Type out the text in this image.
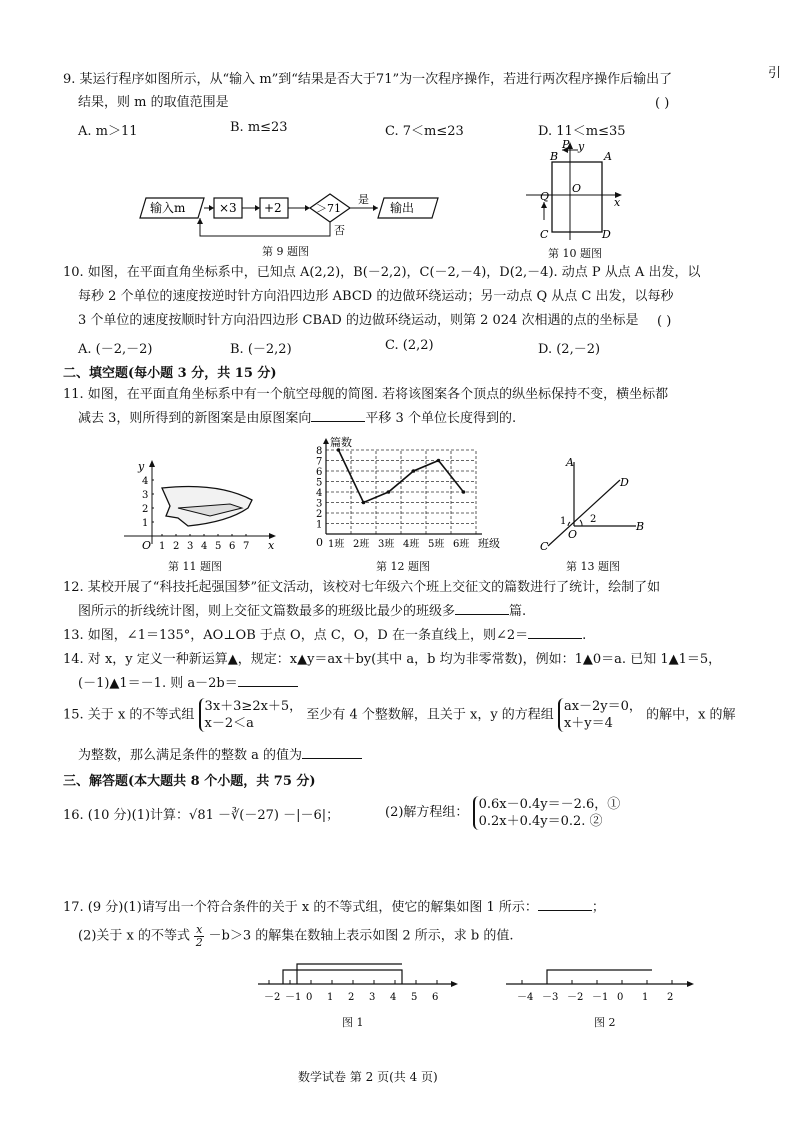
引
9. 某运行程序如图所示，从“输入 m”到“结果是否大于71”为一次程序操作，若进行两次程序操作后输出了
结果，则 m 的取值范围是	( )
A. m＞11	B. m≤23	C. 7＜m≤23	D. 11＜m≤35
输入m	×3 +2	＞71
是
输出
否
第 9 题图
B
P y
A
O
x
Q
C	D
第 10 题图
10. 如图，在平面直角坐标系中，已知点 A(2,2)，B(－2,2)，C(－2,－4)，D(2,－4). 动点 P 从点 A 出发，以
每秒 2 个单位的速度按逆时针方向沿四边形 ABCD 的边做环绕运动；另一动点 Q 从点 C 出发，以每秒
3 个单位的速度按顺时针方向沿四边形 CBAD 的边做环绕运动，则第 2 024 次相遇的点的坐标是 ( )
A. (－2,－2)	B. (－2,2)	C. (2,2)	D. (2,－2)
二、填空题(每小题 3 分，共 15 分)
11. 如图，在平面直角坐标系中有一个航空母舰的简图. 若将该图案各个顶点的纵坐标保持不变，横坐标都
减去 3，则所得到的新图案是由原图案向	平移 3 个单位长度得到的.
y
x
O 1 2 3 4 5 6 7
1
2
3
4
第 11 题图
1
2
3
4
5
6
7
8
1班 2班 3班 4班 5班 6班
篇数
班级
0
第 12 题图
A
D
1 2
O
B
C
第 13 题图
12. 某校开展了“科技托起强国梦”征文活动，该校对七年级六个班上交征文的篇数进行了统计，绘制了如
图所示的折线统计图，则上交征文篇数最多的班级比最少的班级多	篇.
13. 如图，∠1＝135°，AO⊥OB 于点 O，点 C，O，D 在一条直线上，则∠2＝	.
14. 对 x，y 定义一种新运算▲，规定：x▲y＝ax＋by(其中 a，b 均为非零常数)，例如：1▲0＝a. 已知 1▲1＝5，
(－1)▲1＝－1. 则 a－2b＝
15. 关于 x 的不等式组 3x＋3≥2x＋5，
x－2＜a 至少有 4 个整数解，且关于 x，y 的方程组 ax－2y＝0，
x＋y＝4 的解中，x 的解
为整数，那么满足条件的整数 a 的值为
三、解答题(本大题共 8 个小题，共 75 分)
16. (10 分)(1)计算：√81 －∛(－27) －|－6|；	(2)解方程组： 0.6x－0.4y＝－2.6，①
0.2x＋0.4y＝0.2. ②
17. (9 分)(1)请写出一个符合条件的关于 x 的不等式组，使它的解集如图 1 所示：	；
(2)关于 x 的不等式 $\frac{x}{2} -b>3$ 的解集在数轴上表示如图 2 所示，求 b 的值.
－2 －1 0 1 2 3 4 5 6
图 1
－4 －3 －2 －1 0 1 2
图 2
数学试卷 第 2 页(共 4 页)
